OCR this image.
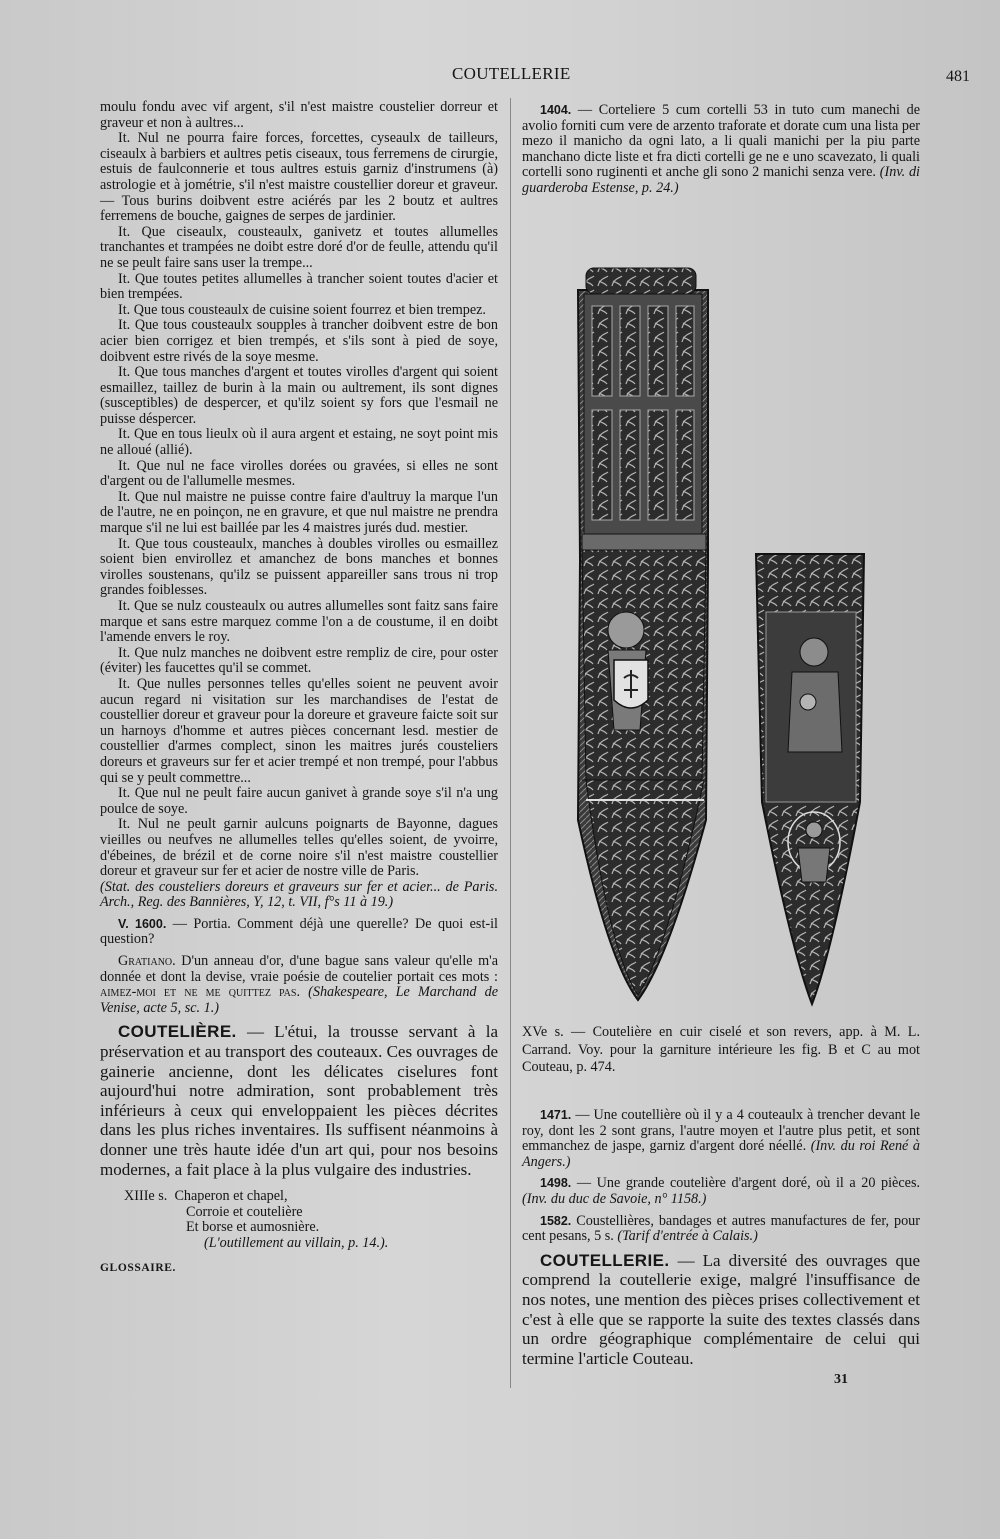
COUTELLERIE	481

moulu fondu avec vif argent, s'il n'est maistre coustelier dorreur et graveur et non à aultres...

It. Nul ne pourra faire forces, forcettes, cyseaulx de tailleurs, ciseaulx à barbiers et aultres petis ciseaux, tous ferremens de cirurgie, estuis de faulconnerie et tous aultres estuis garniz d'instrumens (à) astrologie et à jométrie, s'il n'est maistre coustellier doreur et graveur. — Tous burins doibvent estre aciérés par les 2 boutz et aultres ferremens de bouche, gaignes de serpes de jardinier.

It. Que ciseaulx, cousteaulx, ganivetz et toutes allumelles tranchantes et trampées ne doibt estre doré d'or de feulle, attendu qu'il ne se peult faire sans user la trempe...

It. Que toutes petites allumelles à trancher soient toutes d'acier et bien trempées.

It. Que tous cousteaulx de cuisine soient fourrez et bien trempez.

It. Que tous cousteaulx soupples à trancher doibvent estre de bon acier bien corrigez et bien trempés, et s'ils sont à pied de soye, doibvent estre rivés de la soye mesme.

It. Que tous manches d'argent et toutes virolles d'argent qui soient esmaillez, taillez de burin à la main ou aultrement, ils sont dignes (susceptibles) de despercer, et qu'ilz soient sy fors que l'esmail ne puisse déspercer.

It. Que en tous lieulx où il aura argent et estaing, ne soyt point mis ne alloué (allié).

It. Que nul ne face virolles dorées ou gravées, si elles ne sont d'argent ou de l'allumelle mesmes.

It. Que nul maistre ne puisse contre faire d'aultruy la marque l'un de l'autre, ne en poinçon, ne en gravure, et que nul maistre ne prendra marque s'il ne lui est baillée par les 4 maistres jurés dud. mestier.

It. Que tous cousteaulx, manches à doubles virolles ou esmaillez soient bien envirollez et amanchez de bons manches et bonnes virolles soustenans, qu'ilz se puissent appareiller sans trous ni trop grandes foiblesses.

It. Que se nulz cousteaulx ou autres allumelles sont faitz sans faire marque et sans estre marquez comme l'on a de coustume, il en doibt l'amende envers le roy.

It. Que nulz manches ne doibvent estre rempliz de cire, pour oster (éviter) les faucettes qu'il se commet.

It. Que nulles personnes telles qu'elles soient ne peuvent avoir aucun regard ni visitation sur les marchandises de l'estat de coustellier doreur et graveur pour la doreure et graveure faicte soit sur un harnoys d'homme et autres pièces concernant lesd. mestier de coustellier d'armes complect, sinon les maitres jurés cousteliers doreurs et graveurs sur fer et acier trempé et non trempé, pour l'abbus qui se y peult commettre...

It. Que nul ne peult faire aucun ganivet à grande soye s'il n'a ung poulce de soye.

It. Nul ne peult garnir aulcuns poignarts de Bayonne, dagues vieilles ou neufves ne allumelles telles qu'elles soient, de yvoirre, d'ébeines, de brézil et de corne noire s'il n'est maistre coustellier doreur et graveur sur fer et acier de nostre ville de Paris.

(Stat. des cousteliers doreurs et graveurs sur fer et acier... de Paris. Arch., Reg. des Bannières, Y, 12, t. VII, f°s 11 à 19.)

V. 1600. — Portia. Comment déjà une querelle? De quoi est-il question?

Gratiano. D'un anneau d'or, d'une bague sans valeur qu'elle m'a donnée et dont la devise, vraie poésie de coutelier portait ces mots : aimez-moi et ne me quittez pas. (Shakespeare, Le Marchand de Venise, acte 5, sc. 1.)

COUTELIÈRE. — L'étui, la trousse servant à la préservation et au transport des couteaux. Ces ouvrages de gainerie ancienne, dont les délicates ciselures font aujourd'hui notre admiration, sont probablement très inférieurs à ceux qui enveloppaient les pièces décrites dans les plus riches inventaires. Ils suffisent néanmoins à donner une très haute idée d'un art qui, pour nos besoins modernes, a fait place à la plus vulgaire des industries.

XIIIe s. Chaperon et chapel,
Corroie et coutelière
Et borse et aumosnière.
(L'outillement au villain, p. 14.).
GLOSSAIRE.

1404. — Corteliere 5 cum cortelli 53 in tuto cum manechi de avolio forniti cum vere de arzento traforate et dorate cum una lista per mezo il manicho da ogni lato, a li quali manichi per la piu parte manchano dicte liste et fra dicti cortelli ge ne e uno scavezato, li quali cortelli sono ruginenti et anche gli sono 2 manichi senza vere. (Inv. di guarderoba Estense, p. 24.)

XVe s. — Coutelière en cuir ciselé et son revers, app. à M. L. Carrand. Voy. pour la garniture intérieure les fig. B et C au mot Couteau, p. 474.

1471. — Une coutellière où il y a 4 couteaulx à trencher devant le roy, dont les 2 sont grans, l'autre moyen et l'autre plus petit, et sont emmanchez de jaspe, garniz d'argent doré néellé. (Inv. du roi René à Angers.)

1498. — Une grande coutelière d'argent doré, où il a 20 pièces. (Inv. du duc de Savoie, n° 1158.)

1582. Coustellières, bandages et autres manufactures de fer, pour cent pesans, 5 s. (Tarif d'entrée à Calais.)

COUTELLERIE. — La diversité des ouvrages que comprend la coutellerie exige, malgré l'insuffisance de nos notes, une mention des pièces prises collectivement et c'est à elle que se rapporte la suite des textes classés dans un ordre géographique complémentaire de celui qui termine l'article Couteau.

31
